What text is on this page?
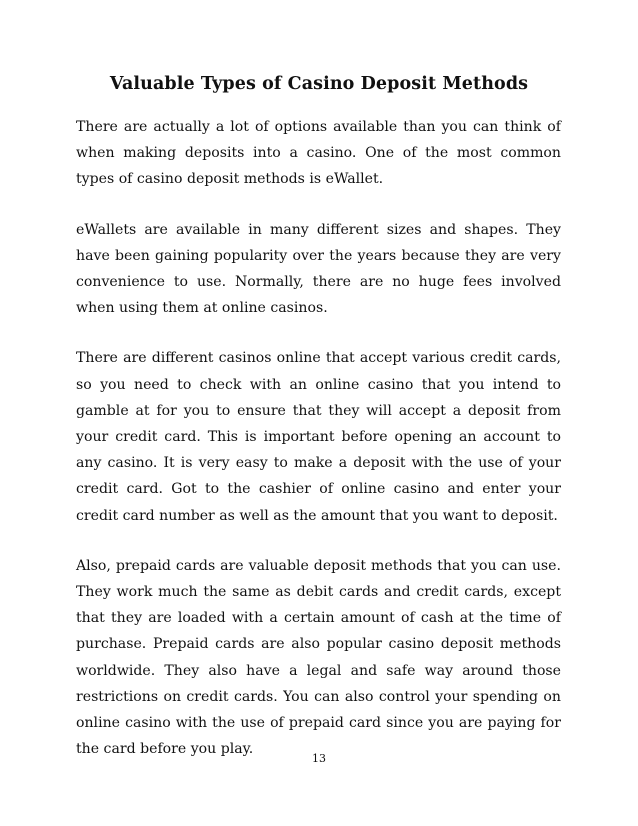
Valuable Types of Casino Deposit Methods

There are actually a lot of options available than you can think of when making deposits into a casino. One of the most common types of casino deposit methods is eWallet.

eWallets are available in many different sizes and shapes. They have been gaining popularity over the years because they are very convenience to use. Normally, there are no huge fees involved when using them at online casinos.

There are different casinos online that accept various credit cards, so you need to check with an online casino that you intend to gamble at for you to ensure that they will accept a deposit from your credit card. This is important before opening an account to any casino. It is very easy to make a deposit with the use of your credit card. Got to the cashier of online casino and enter your credit card number as well as the amount that you want to deposit.

Also, prepaid cards are valuable deposit methods that you can use. They work much the same as debit cards and credit cards, except that they are loaded with a certain amount of cash at the time of purchase. Prepaid cards are also popular casino deposit methods worldwide. They also have a legal and safe way around those restrictions on credit cards. You can also control your spending on online casino with the use of prepaid card since you are paying for the card before you play.

13
